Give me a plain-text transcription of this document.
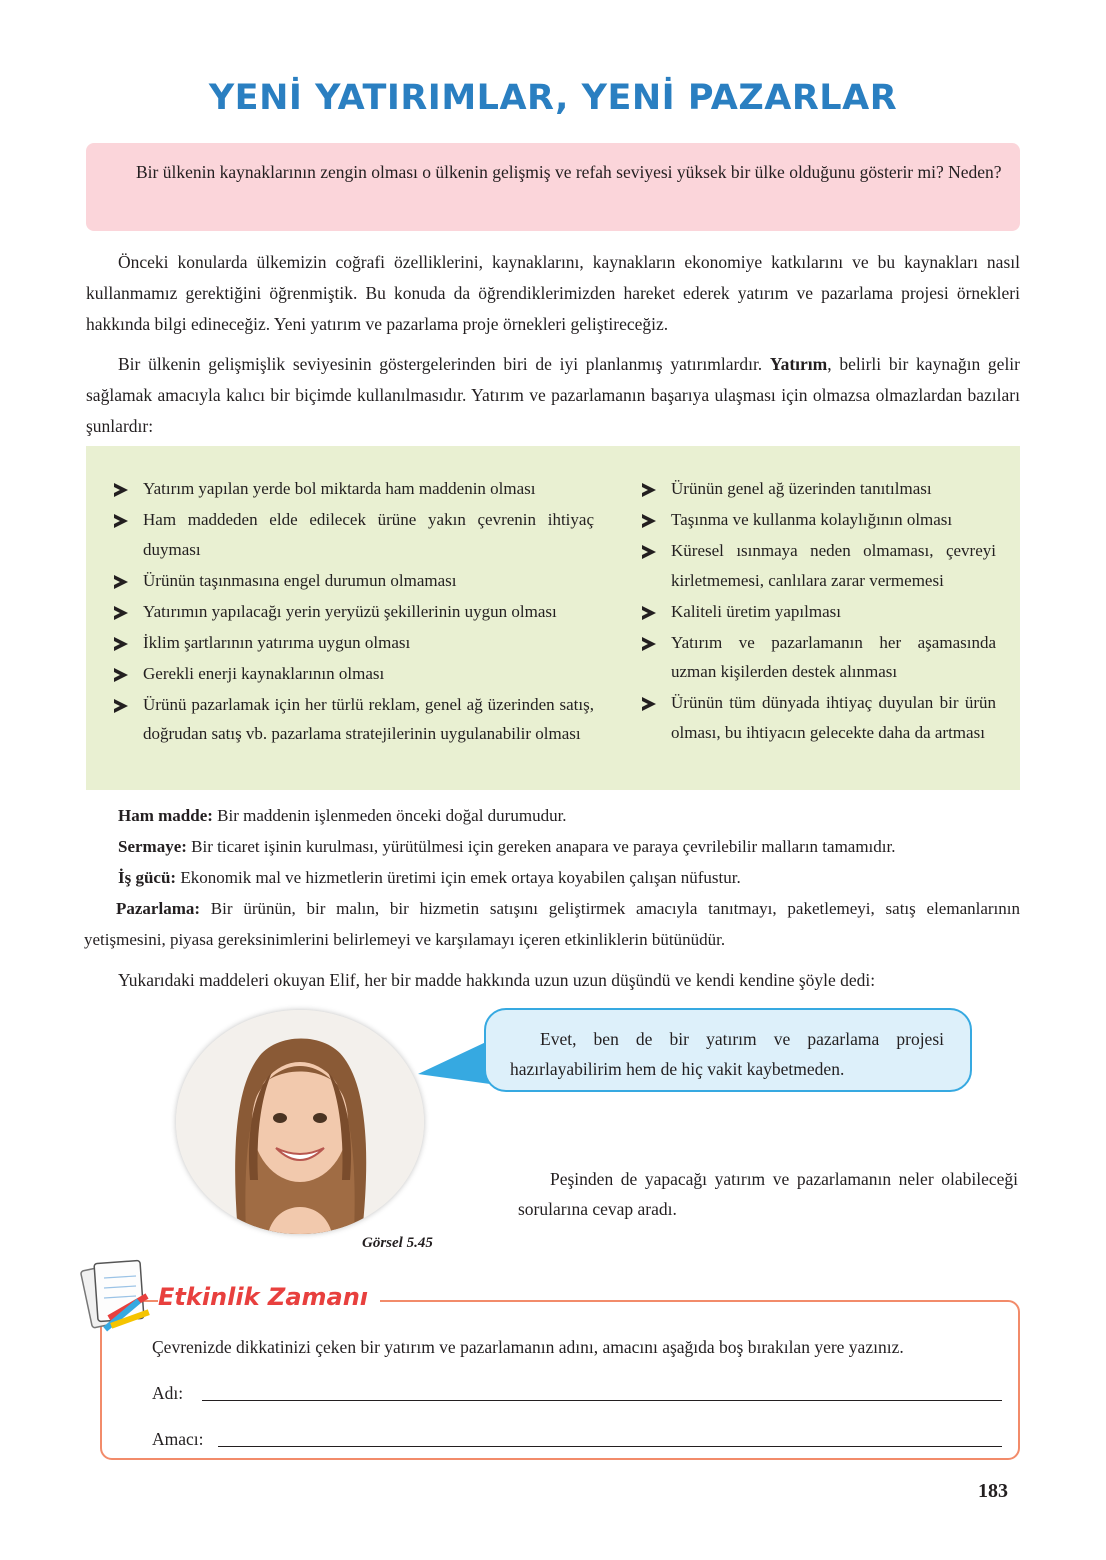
YENİ YATIRIMLAR, YENİ PAZARLAR

Bir ülkenin kaynaklarının zengin olması o ülkenin gelişmiş ve refah seviyesi yüksek bir ülke olduğunu gösterir mi? Neden?

Önceki konularda ülkemizin coğrafi özelliklerini, kaynaklarını, kaynakların ekonomiye katkılarını ve bu kaynakları nasıl kullanmamız gerektiğini öğrenmiştik. Bu konuda da öğrendiklerimizden hareket ederek yatırım ve pazarlama projesi örnekleri hakkında bilgi edineceğiz. Yeni yatırım ve pazarlama proje örnekleri geliştireceğiz.

Bir ülkenin gelişmişlik seviyesinin göstergelerinden biri de iyi planlanmış yatırımlardır. Yatırım, belirli bir kaynağın gelir sağlamak amacıyla kalıcı bir biçimde kullanılmasıdır. Yatırım ve pazarlamanın başarıya ulaşması için olmazsa olmazlardan bazıları şunlardır:

Yatırım yapılan yerde bol miktarda ham maddenin olması
Ham maddeden elde edilecek ürüne yakın çevrenin ihtiyaç duyması
Ürünün taşınmasına engel durumun olmaması
Yatırımın yapılacağı yerin yeryüzü şekillerinin uygun olması
İklim şartlarının yatırıma uygun olması
Gerekli enerji kaynaklarının olması
Ürünü pazarlamak için her türlü reklam, genel ağ üzerinden satış, doğrudan satış vb. pazarlama stratejilerinin uygulanabilir olması
Ürünün genel ağ üzerinden tanıtılması
Taşınma ve kullanma kolaylığının olması
Küresel ısınmaya neden olmaması, çevreyi kirletmemesi, canlılara zarar vermemesi
Kaliteli üretim yapılması
Yatırım ve pazarlamanın her aşamasında uzman kişilerden destek alınması
Ürünün tüm dünyada ihtiyaç duyulan bir ürün olması, bu ihtiyacın gelecekte daha da artması

Ham madde: Bir maddenin işlenmeden önceki doğal durumudur.

Sermaye: Bir ticaret işinin kurulması, yürütülmesi için gereken anapara ve paraya çevrilebilir malların tamamıdır.

İş gücü: Ekonomik mal ve hizmetlerin üretimi için emek ortaya koyabilen çalışan nüfustur.

Pazarlama: Bir ürünün, bir malın, bir hizmetin satışını geliştirmek amacıyla tanıtmayı, paketlemeyi, satış elemanlarının yetişmesini, piyasa gereksinimlerini belirlemeyi ve karşılamayı içeren etkinliklerin bütünüdür.

Yukarıdaki maddeleri okuyan Elif, her bir madde hakkında uzun uzun düşündü ve kendi kendine şöyle dedi:

Evet, ben de bir yatırım ve pazarlama projesi hazırlayabilirim hem de hiç vakit kaybetmeden.

Görsel 5.45

Peşinden de yapacağı yatırım ve pazarlamanın neler olabileceği sorularına cevap aradı.

Etkinlik Zamanı
Çevrenizde dikkatinizi çeken bir yatırım ve pazarlamanın adını, amacını aşağıda boş bırakılan yere yazınız.
Adı:
Amacı:
183
